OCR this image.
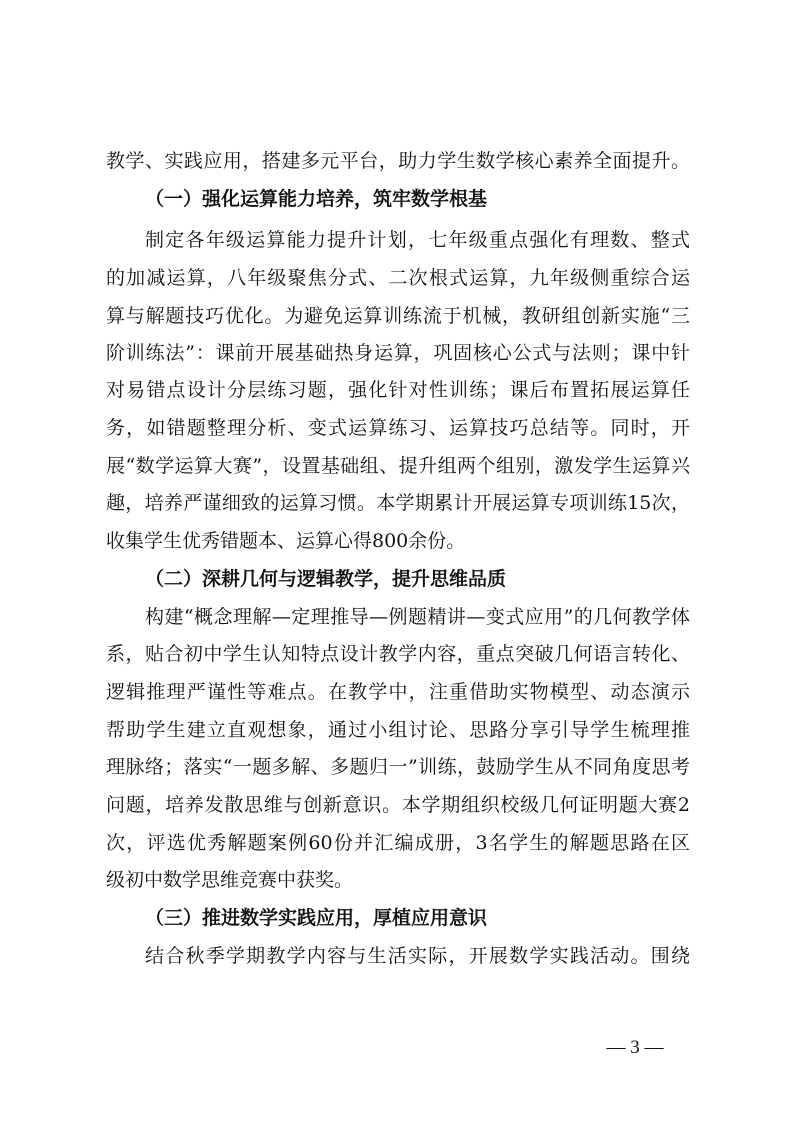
教学、实践应用，搭建多元平台，助力学生数学核心素养全面提升。
（一）强化运算能力培养，筑牢数学根基
制定各年级运算能力提升计划，七年级重点强化有理数、整式
的加减运算，八年级聚焦分式、二次根式运算，九年级侧重综合运
算与解题技巧优化。为避免运算训练流于机械，教研组创新实施“三
阶训练法”：课前开展基础热身运算，巩固核心公式与法则；课中针
对易错点设计分层练习题，强化针对性训练；课后布置拓展运算任
务，如错题整理分析、变式运算练习、运算技巧总结等。同时，开
展“数学运算大赛”，设置基础组、提升组两个组别，激发学生运算兴
趣，培养严谨细致的运算习惯。本学期累计开展运算专项训练15次，
收集学生优秀错题本、运算心得800余份。
（二）深耕几何与逻辑教学，提升思维品质
构建“概念理解—定理推导—例题精讲—变式应用”的几何教学体
系，贴合初中学生认知特点设计教学内容，重点突破几何语言转化、
逻辑推理严谨性等难点。在教学中，注重借助实物模型、动态演示
帮助学生建立直观想象，通过小组讨论、思路分享引导学生梳理推
理脉络；落实“一题多解、多题归一”训练，鼓励学生从不同角度思考
问题，培养发散思维与创新意识。本学期组织校级几何证明题大赛2
次，评选优秀解题案例60份并汇编成册，3名学生的解题思路在区
级初中数学思维竞赛中获奖。
（三）推进数学实践应用，厚植应用意识
结合秋季学期教学内容与生活实际，开展数学实践活动。围绕
— 3 —
